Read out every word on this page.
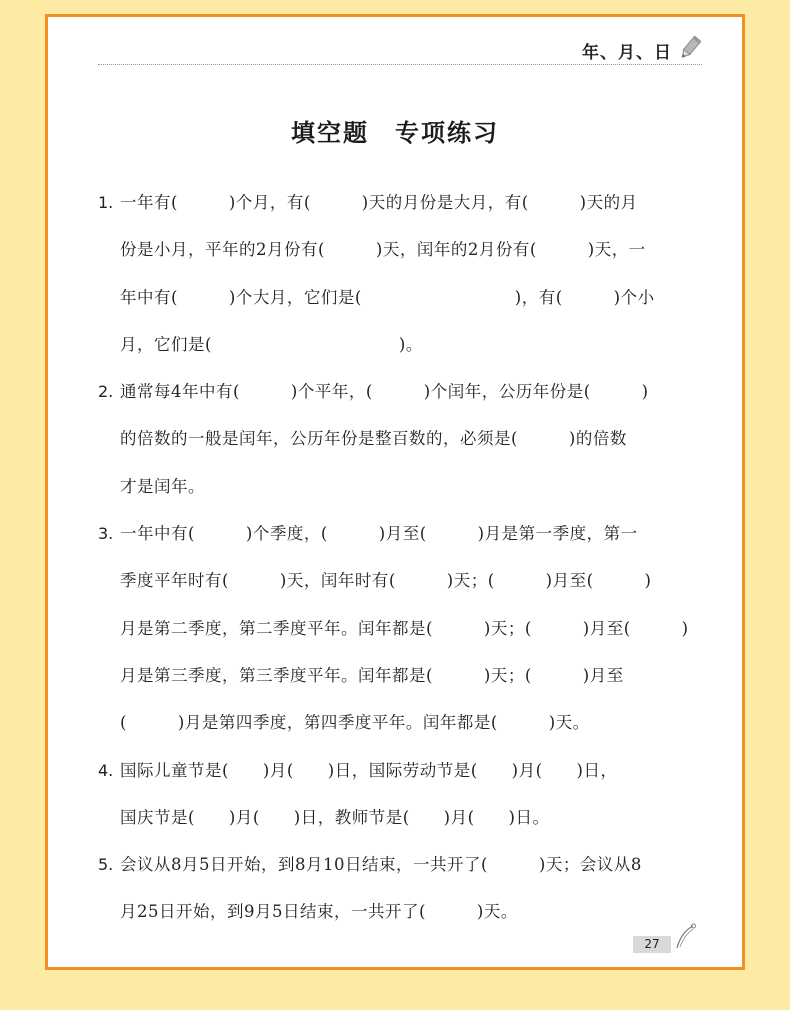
年、月、日
填空题　专项练习
1. 一年有(　　　)个月，有(　　　)天的月份是大月，有(　　　)天的月
份是小月，平年的2月份有(　　　)天，闰年的2月份有(　　　)天，一
年中有(　　　)个大月，它们是(　　　　　　　　　)，有(　　　)个小
月，它们是(　　　　　　　　　　　)。
2. 通常每4年中有(　　　)个平年，(　　　)个闰年，公历年份是(　　　)
的倍数的一般是闰年，公历年份是整百数的，必须是(　　　)的倍数
才是闰年。
3. 一年中有(　　　)个季度，(　　　)月至(　　　)月是第一季度，第一
季度平年时有(　　　)天，闰年时有(　　　)天；(　　　)月至(　　　)
月是第二季度，第二季度平年。闰年都是(　　　)天；(　　　)月至(　　　)
月是第三季度，第三季度平年。闰年都是(　　　)天；(　　　)月至
(　　　)月是第四季度，第四季度平年。闰年都是(　　　)天。
4. 国际儿童节是(　　)月(　　)日，国际劳动节是(　　)月(　　)日，
国庆节是(　　)月(　　)日，教师节是(　　)月(　　)日。
5. 会议从8月5日开始，到8月10日结束，一共开了(　　　)天；会议从8
月25日开始，到9月5日结束，一共开了(　　　)天。
27
